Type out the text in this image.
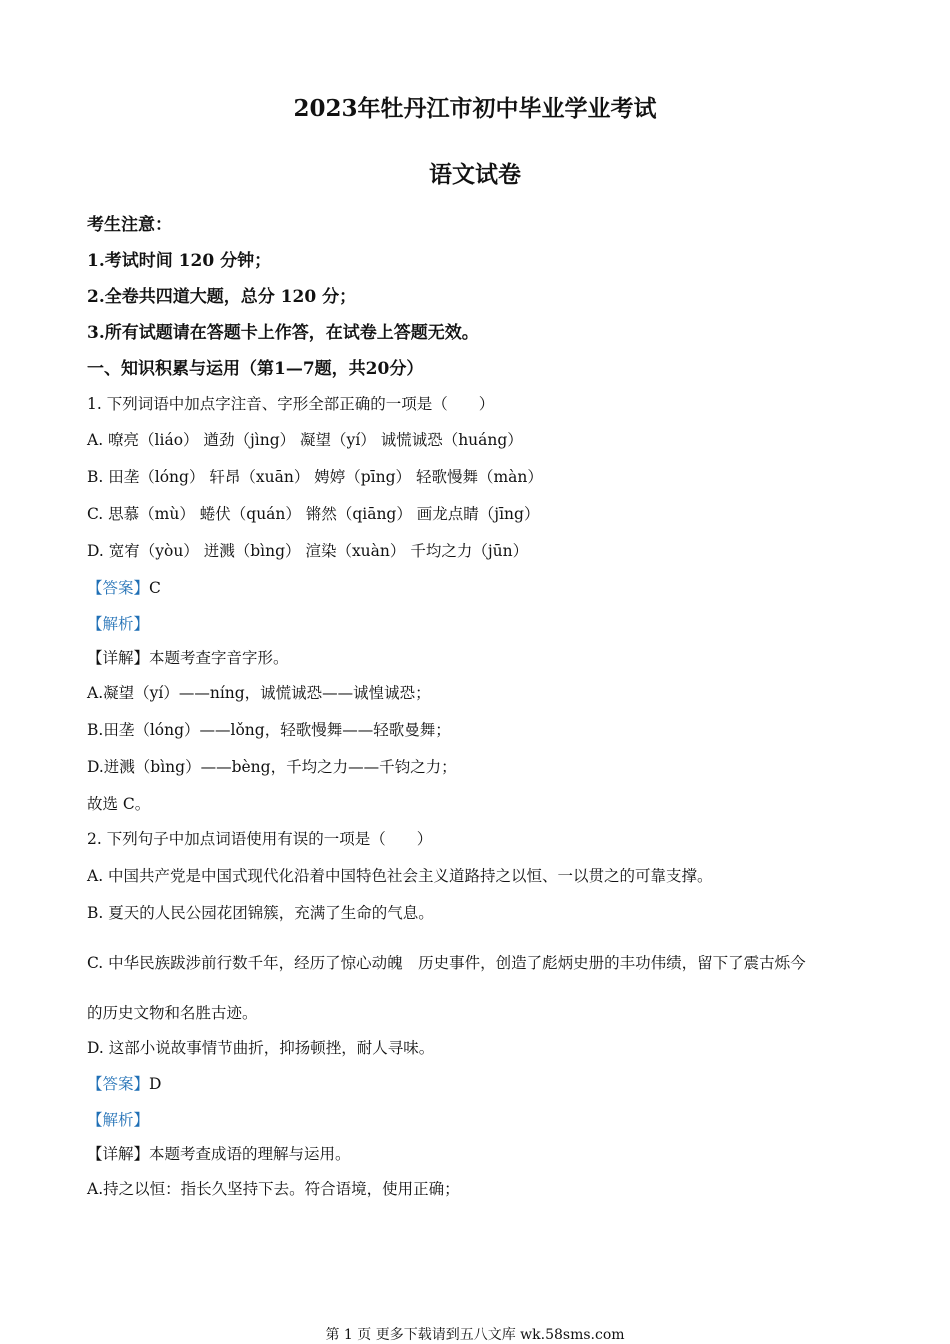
2023年牡丹江市初中毕业学业考试
语文试卷
考生注意：
1.考试时间 120 分钟；
2.全卷共四道大题，总分 120 分；
3.所有试题请在答题卡上作答，在试卷上答题无效。
一、知识积累与运用（第1—7题，共20分）
1. 下列词语中加点字注音、字形全部正确的一项是（　　）
A. 嘹亮（liáo） 遒劲（jìng） 凝望（yí） 诚慌诚恐（huáng）
B. 田垄（lóng） 轩昂（xuān） 娉婷（pīng） 轻歌慢舞（màn）
C. 思慕（mù） 蜷伏（quán） 锵然（qiāng） 画龙点睛（jīng）
D. 宽宥（yòu） 迸溅（bìng） 渲染（xuàn） 千均之力（jūn）
【答案】C
【解析】
【详解】本题考查字音字形。
A.凝望（yí）——níng，诚慌诚恐——诚惶诚恐；
B.田垄（lóng）——lǒng，轻歌慢舞——轻歌曼舞；
D.迸溅（bìng）——bèng，千均之力——千钧之力；
故选 C。
2. 下列句子中加点词语使用有误的一项是（　　）
A. 中国共产党是中国式现代化沿着中国特色社会主义道路持之以恒、一以贯之的可靠支撑。
B. 夏天的人民公园花团锦簇，充满了生命的气息。
C. 中华民族跋涉前行数千年，经历了惊心动魄　历史事件，创造了彪炳史册的丰功伟绩，留下了震古烁今
的历史文物和名胜古迹。
D. 这部小说故事情节曲折，抑扬顿挫，耐人寻味。
【答案】D
【解析】
【详解】本题考查成语的理解与运用。
A.持之以恒：指长久坚持下去。符合语境，使用正确；
第 1 页 更多下载请到五八文库 wk.58sms.com
